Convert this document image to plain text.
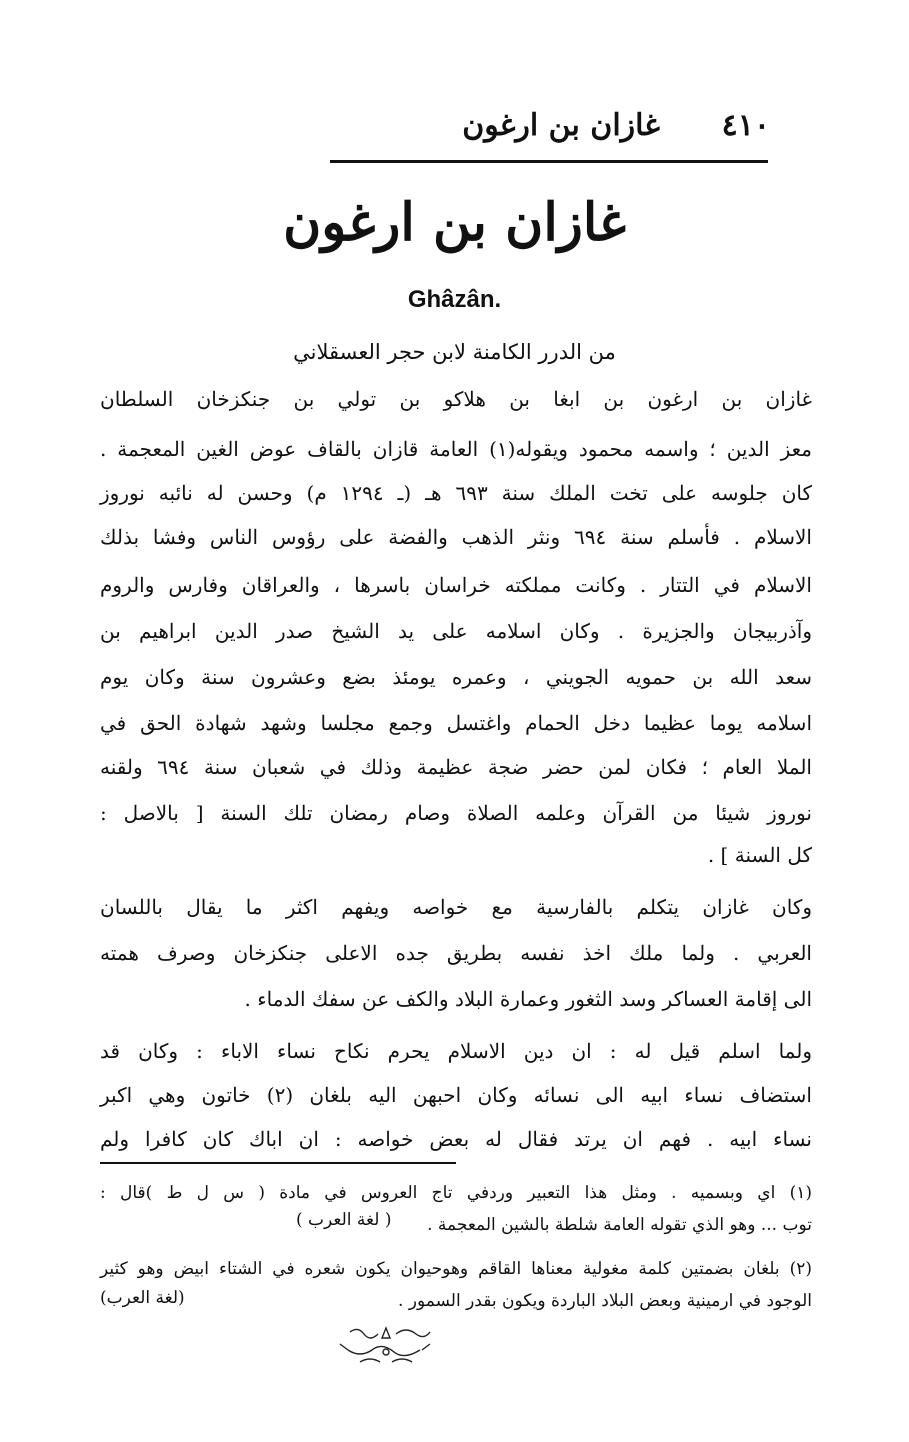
٤١٠
غازان بن ارغون
غازان بن ارغون
Ghâzân.
من الدرر الكامنة لابن حجر العسقلاني
غازان بن ارغون بن ابغا بن هلاكو بن تولي بن جنكزخان السلطان
معز الدين ؛ واسمه محمود ويقوله(١) العامة قازان بالقاف عوض الغين المعجمة .
كان جلوسه على تخت الملك سنة ٦٩٣ هـ (ـ ١٢٩٤ م) وحسن له نائبه نوروز
الاسلام . فأسلم سنة ٦٩٤ ونثر الذهب والفضة على رؤوس الناس وفشا بذلك
الاسلام في التتار . وكانت مملكته خراسان باسرها ، والعراقان وفارس والروم
وآذربيجان والجزيرة . وكان اسلامه على يد الشيخ صدر الدين ابراهيم بن
سعد الله بن حمويه الجويني ، وعمره يومئذ بضع وعشرون سنة وكان يوم
اسلامه يوما عظيما دخل الحمام واغتسل وجمع مجلسا وشهد شهادة الحق في
الملا العام ؛ فكان لمن حضر ضجة عظيمة وذلك في شعبان سنة ٦٩٤ ولقنه
نوروز شيئا من القرآن وعلمه الصلاة وصام رمضان تلك السنة [ بالاصل :
كل السنة ] .
وكان غازان يتكلم بالفارسية مع خواصه ويفهم اكثر ما يقال باللسان
العربي . ولما ملك اخذ نفسه بطريق جده الاعلى جنكزخان وصرف همته
الى إقامة العساكر وسد الثغور وعمارة البلاد والكف عن سفك الدماء .
ولما اسلم قيل له : ان دين الاسلام يحرم نكاح نساء الاباء : وكان قد
استضاف نساء ابيه الى نسائه وكان احبهن اليه بلغان (٢) خاتون وهي اكبر
نساء ابيه . فهم ان يرتد فقال له بعض خواصه : ان اباك كان كافرا ولم
(١) اي وبسميه . ومثل هذا التعبير وردفي تاج العروس في مادة ( س ل ط )قال :
توب ... وهو الذي تقوله العامة شلطة بالشين المعجمة .
( لغة العرب )
(٢) بلغان بضمتين كلمة مغولية معناها القاقم وهوحيوان يكون شعره في الشتاء ابيض وهو كثير
الوجود في ارمينية وبعض البلاد الباردة ويكون بقدر السمور .
(لغة العرب)
